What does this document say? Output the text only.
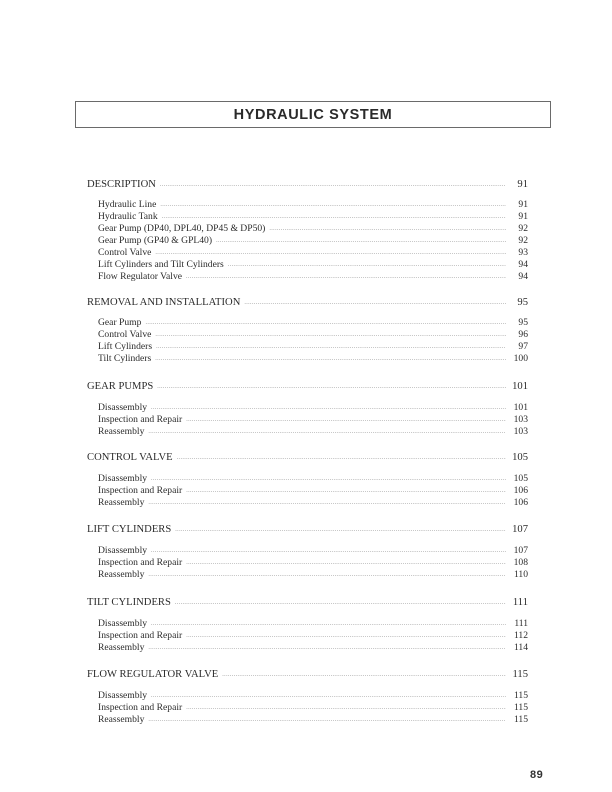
HYDRAULIC SYSTEM
DESCRIPTION .....	91
Hydraulic Line .....	91
Hydraulic Tank .....	91
Gear Pump (DP40, DPL40, DP45 & DP50) .....	92
Gear Pump (GP40 & GPL40) .....	92
Control Valve .....	93
Lift Cylinders and Tilt Cylinders .....	94
Flow Regulator Valve .....	94
REMOVAL AND INSTALLATION .....	95
Gear Pump .....	95
Control Valve .....	96
Lift Cylinders .....	97
Tilt Cylinders .....	100
GEAR PUMPS .....	101
Disassembly .....	101
Inspection and Repair .....	103
Reassembly .....	103
CONTROL VALVE .....	105
Disassembly .....	105
Inspection and Repair .....	106
Reassembly .....	106
LIFT CYLINDERS .....	107
Disassembly .....	107
Inspection and Repair .....	108
Reassembly .....	110
TILT CYLINDERS .....	111
Disassembly .....	111
Inspection and Repair .....	112
Reassembly .....	114
FLOW REGULATOR VALVE .....	115
Disassembly .....	115
Inspection and Repair .....	115
Reassembly .....	115
89
